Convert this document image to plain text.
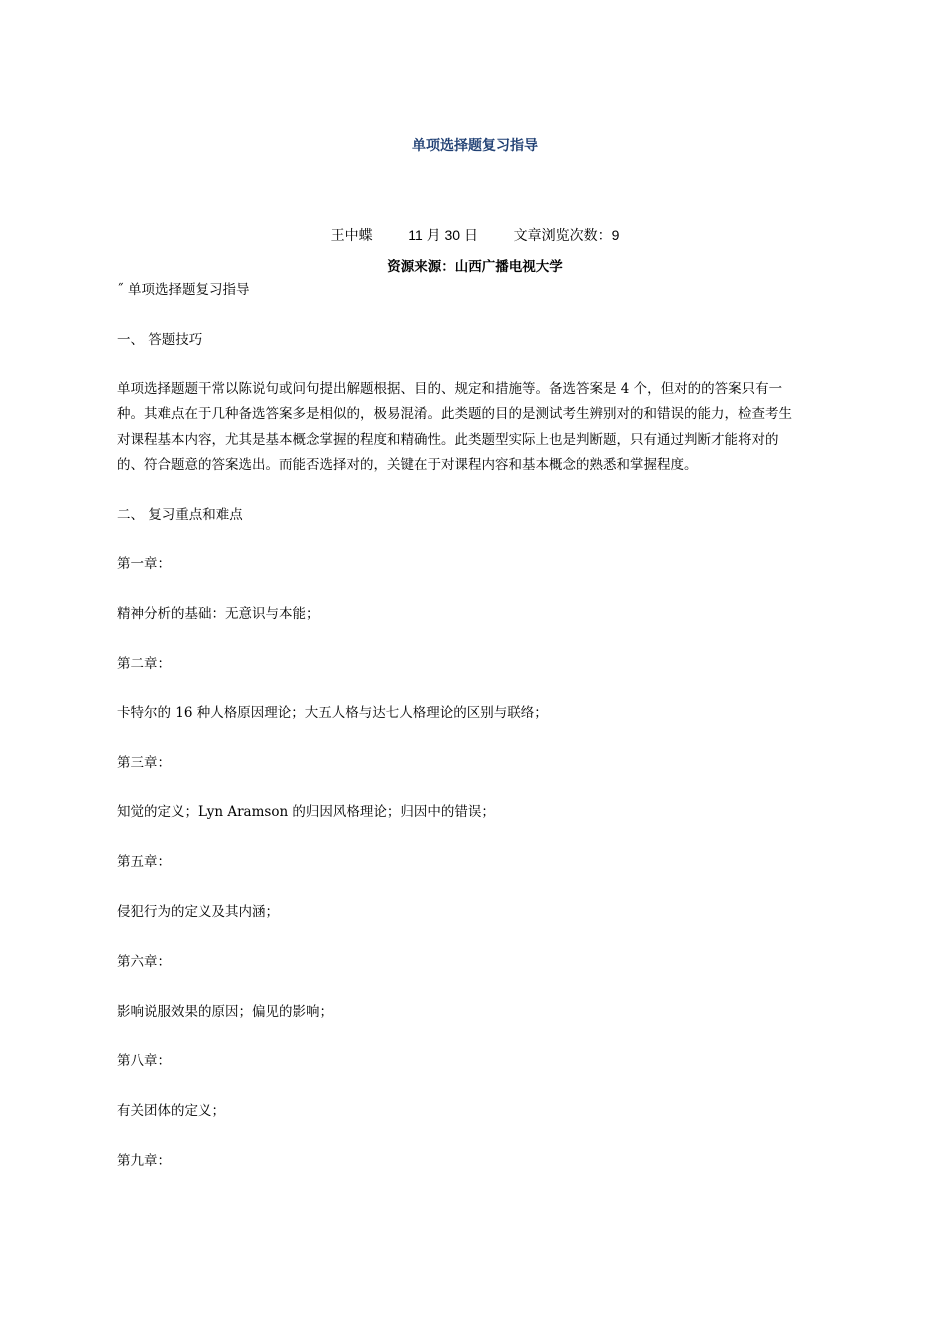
单项选择题复习指导
王中蝶	11 月 30 日	文章浏览次数：9
资源来源：山西广播电视大学
˝ 单项选择题复习指导
一、 答题技巧
单项选择题题干常以陈说句或问句提出解题根据、目的、规定和措施等。备选答案是 4 个，但对的的答案只有一
种。其难点在于几种备选答案多是相似的，极易混淆。此类题的目的是测试考生辨别对的和错误的能力，检查考生
对课程基本内容，尤其是基本概念掌握的程度和精确性。此类题型实际上也是判断题，只有通过判断才能将对的
的、符合题意的答案选出。而能否选择对的，关键在于对课程内容和基本概念的熟悉和掌握程度。
二、 复习重点和难点
第一章：
精神分析的基础：无意识与本能；
第二章：
卡特尔的 16 种人格原因理论；大五人格与达七人格理论的区别与联络；
第三章：
知觉的定义；Lyn Aramson 的归因风格理论；归因中的错误；
第五章：
侵犯行为的定义及其内涵；
第六章：
影响说服效果的原因；偏见的影响；
第八章：
有关团体的定义；
第九章：
